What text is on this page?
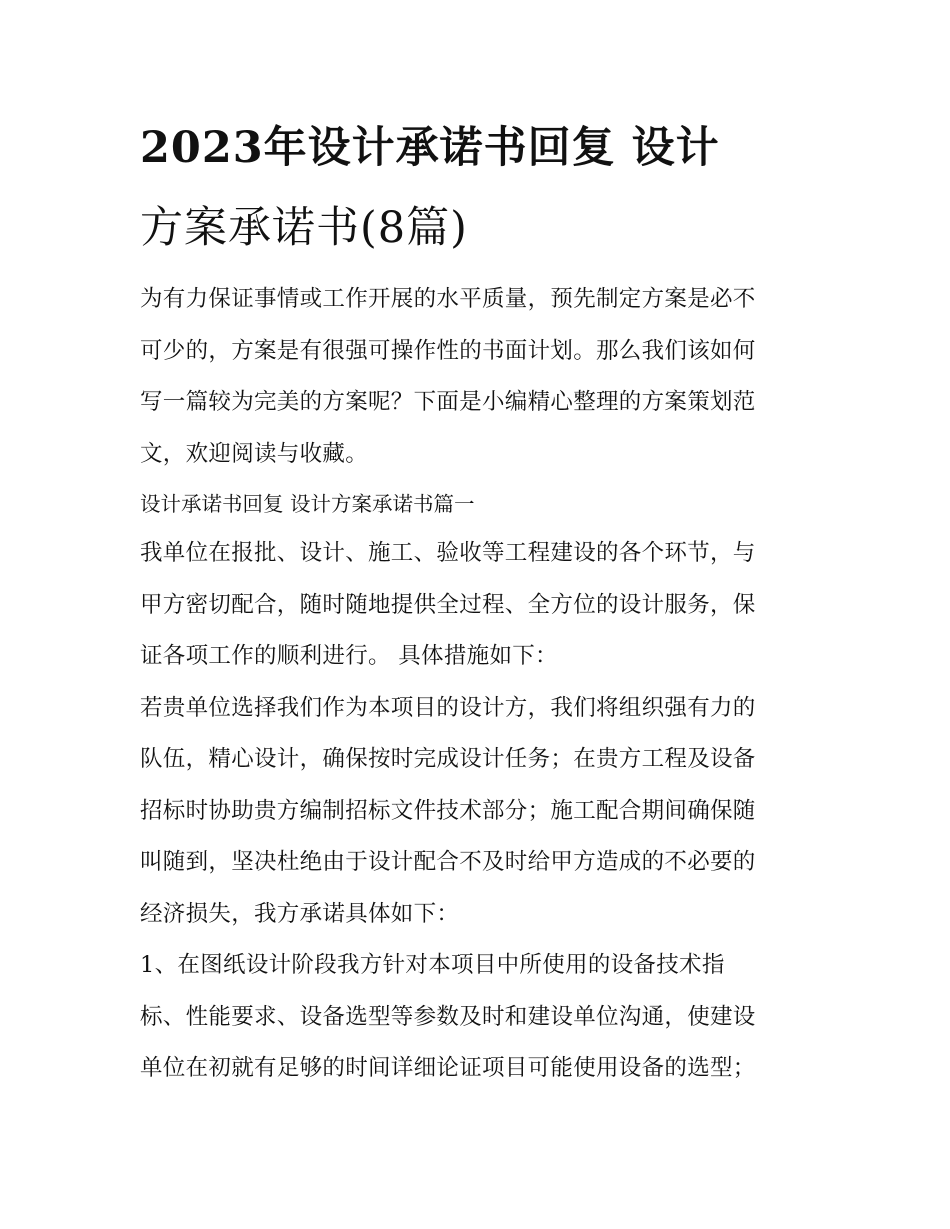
2023年设计承诺书回复 设计
方案承诺书(8篇)

为有力保证事情或工作开展的水平质量，预先制定方案是必不
可少的，方案是有很强可操作性的书面计划。那么我们该如何
写一篇较为完美的方案呢？下面是小编精心整理的方案策划范
文，欢迎阅读与收藏。

设计承诺书回复 设计方案承诺书篇一

我单位在报批、设计、施工、验收等工程建设的各个环节，与
甲方密切配合，随时随地提供全过程、全方位的设计服务，保
证各项工作的顺利进行。 具体措施如下：

若贵单位选择我们作为本项目的设计方，我们将组织强有力的
队伍，精心设计，确保按时完成设计任务；在贵方工程及设备
招标时协助贵方编制招标文件技术部分；施工配合期间确保随
叫随到，坚决杜绝由于设计配合不及时给甲方造成的不必要的
经济损失，我方承诺具体如下：

1、在图纸设计阶段我方针对本项目中所使用的设备技术指
标、性能要求、设备选型等参数及时和建设单位沟通，使建设
单位在初就有足够的时间详细论证项目可能使用设备的选型；
